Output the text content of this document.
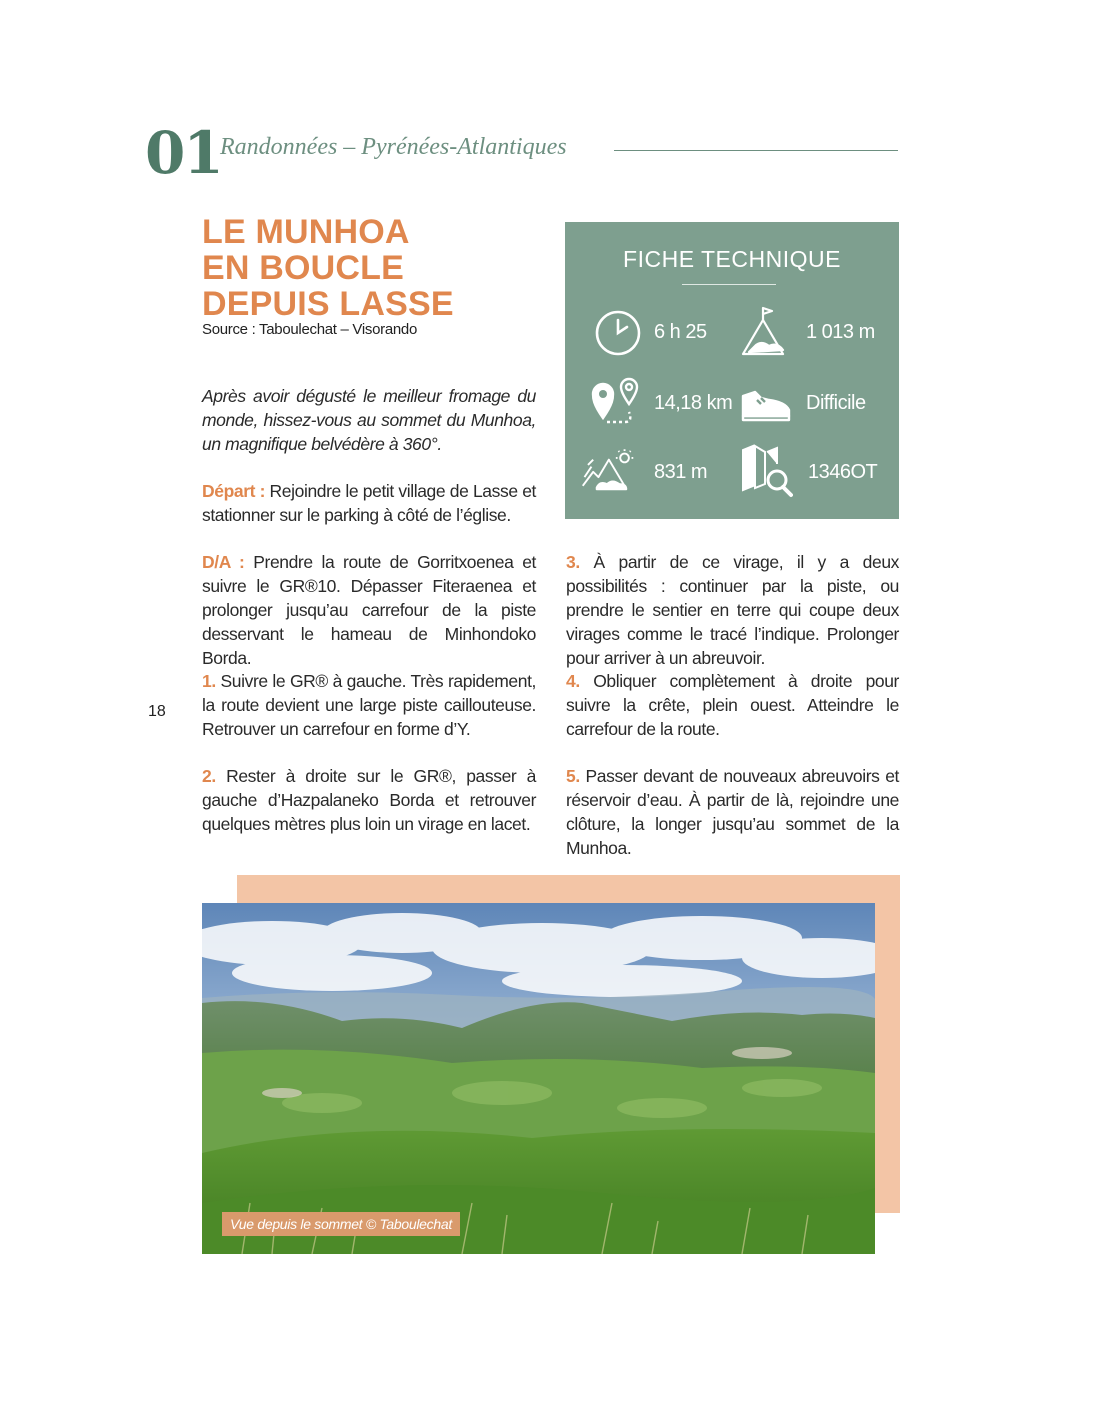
01
Randonnées – Pyrénées-Atlantiques
LE MUNHOA
EN BOUCLE
DEPUIS LASSE
Source : Taboulechat – Visorando

Après avoir dégusté le meilleur fromage du monde, hissez-vous au sommet du Munhoa, un magnifique belvédère à 360°.

Départ : Rejoindre le petit village de Lasse et stationner sur le parking à côté de l’église.

D/A : Prendre la route de Gorritxoenea et suivre le GR®10. Dépasser Fiteraenea et prolonger jusqu’au carrefour de la piste desservant le hameau de Minhondoko Borda.

1. Suivre le GR® à gauche. Très rapidement, la route devient une large piste caillouteuse. Retrouver un carrefour en forme d’Y.

2. Rester à droite sur le GR®, passer à gauche d’Hazpalaneko Borda et retrouver quelques mètres plus loin un virage en lacet.

18
FICHE TECHNIQUE
6 h 25	1 013 m
14,18 km	Difficile
831 m	1346OT

3. À partir de ce virage, il y a deux possibilités : continuer par la piste, ou prendre le sentier en terre qui coupe deux virages comme le tracé l’indique. Prolonger pour arriver à un abreuvoir.

4. Obliquer complètement à droite pour suivre la crête, plein ouest. Atteindre le carrefour de la route.

5. Passer devant de nouveaux abreuvoirs et réservoir d’eau. À partir de là, rejoindre une clôture, la longer jusqu’au sommet de la Munhoa.

Vue depuis le sommet © Taboulechat
